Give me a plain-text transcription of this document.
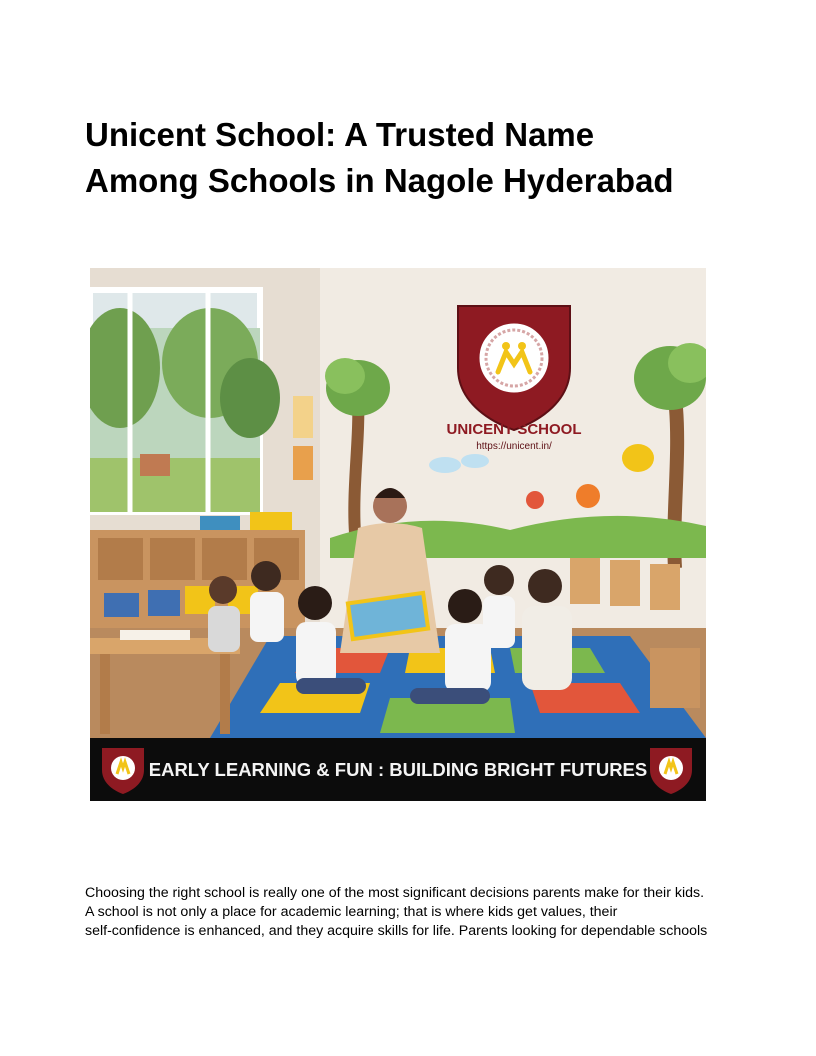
Unicent School: A Trusted Name
Among Schools in Nagole Hyderabad
UNICENT SCHOOL
https://unicent.in/
EARLY LEARNING & FUN : BUILDING BRIGHT FUTURES

Choosing the right school is really one of the most significant decisions parents make for their kids.
A school is not only a place for academic learning; that is where kids get values, their
self-confidence is enhanced, and they acquire skills for life. Parents looking for dependable schools
